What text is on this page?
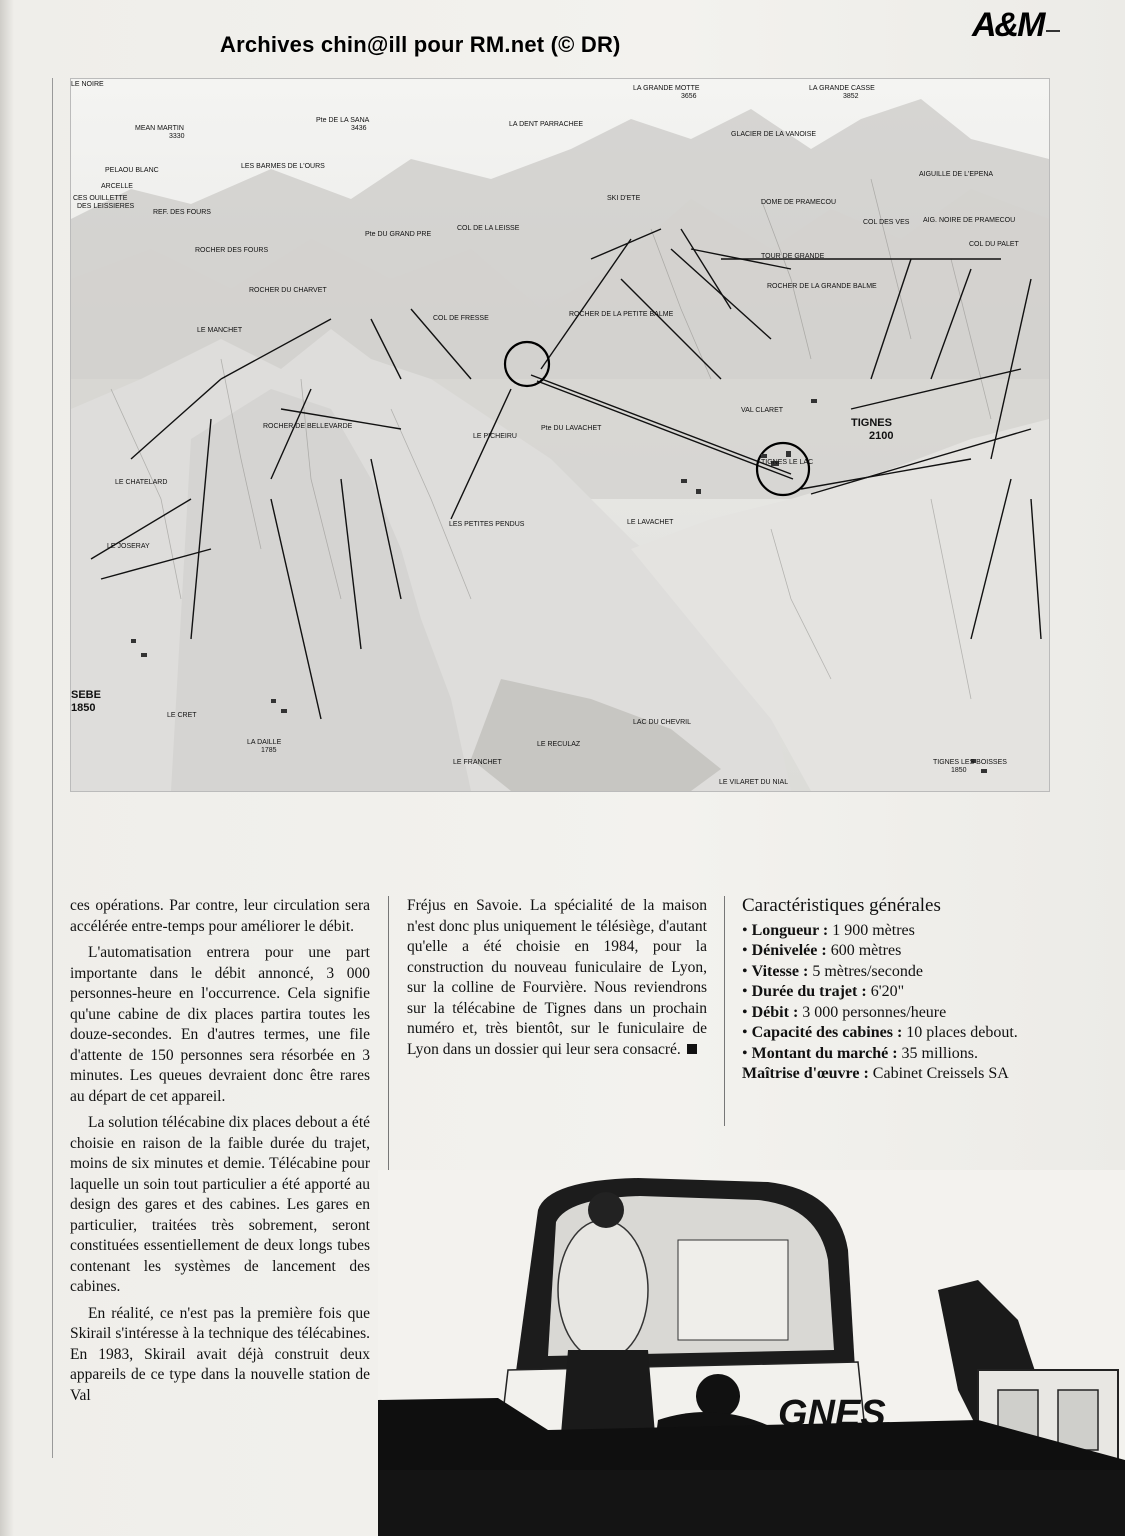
Archives chin@ill pour RM.net (© DR)
A&M
LE NOIRE
LA GRANDE MOTTE
3656
LA GRANDE CASSE
3852
Pte DE LA SANA
3436
MEAN MARTIN
3330
LA DENT PARRACHEE
GLACIER DE LA VANOISE
PELAOU BLANC
LES BARMES DE L'OURS
ARCELLE
SKI D'ETE
AIGUILLE DE L'EPENA
CES OUILLETTE
DES LEISSIERES
REF. DES FOURS
DOME DE PRAMECOU
COL DES VES AIG. NOIRE DE PRAMECOU
ROCHER DES FOURS
Pte DU GRAND PRE
COL DE LA LEISSE
TOUR DE GRANDE
COL DU PALET
ROCHER DU CHARVET
ROCHER DE LA GRANDE BALME
ROCHER DE LA PETITE BALME
COL DE FRESSE
LE MANCHET
VAL CLARET
TIGNES
2100
ROCHER DE BELLEVARDE	Pte DU LAVACHET
TIGNES LE LAC
LE CHATELARD
LE PICHEIRU
LE LAVACHET
LE JOSERAY
LES PETITES PENDUS
SEBE
1850
LE CRET
LA DAILLE
1785
LAC DU CHEVRIL
LE RECULAZ
LE FRANCHET
LE VILARET DU NIAL
TIGNES LES BOISSES
1850

ces opérations. Par contre, leur circulation sera accélérée entre-temps pour améliorer le débit.

L'automatisation entrera pour une part importante dans le débit annoncé, 3 000 personnes-heure en l'occurrence. Cela signifie qu'une cabine de dix places partira toutes les douze-secondes. En d'autres termes, une file d'attente de 150 personnes sera résorbée en 3 minutes. Les queues devraient donc être rares au départ de cet appareil.

La solution télécabine dix places debout a été choisie en raison de la faible durée du trajet, moins de six minutes et demie. Télécabine pour laquelle un soin tout particulier a été apporté au design des gares et des cabines. Les gares en particulier, traitées très sobrement, seront constituées essentiellement de deux longs tubes contenant les systèmes de lancement des cabines.

En réalité, ce n'est pas la première fois que Skirail s'intéresse à la technique des télécabines. En 1983, Skirail avait déjà construit deux appareils de ce type dans la nouvelle station de Val

Fréjus en Savoie. La spécialité de la maison n'est donc plus uniquement le télésiège, d'autant qu'elle a été choisie en 1984, pour la construction du nouveau funiculaire de Lyon, sur la colline de Fourvière. Nous reviendrons sur la télécabine de Tignes dans un prochain numéro et, très bientôt, sur le funiculaire de Lyon dans un dossier qui leur sera consacré.

Caractéristiques générales
• Longueur : 1 900 mètres
• Dénivelée : 600 mètres
• Vitesse : 5 mètres/seconde
• Durée du trajet : 6'20"
• Débit : 3 000 personnes/heure
• Capacité des cabines : 10 places debout.
• Montant du marché : 35 millions.
Maîtrise d'œuvre : Cabinet Creissels SA
GNES
